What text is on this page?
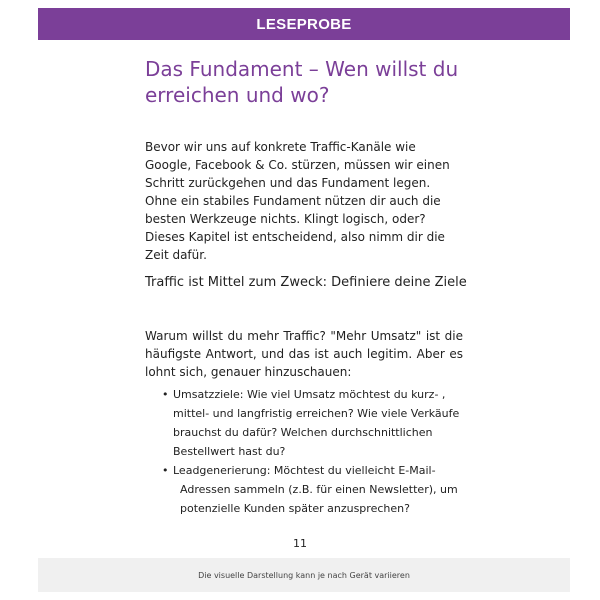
LESEPROBE
Das Fundament – Wen willst du erreichen und wo?

Bevor wir uns auf konkrete Traffic-Kanäle wie Google, Facebook & Co. stürzen, müssen wir einen Schritt zurückgehen und das Fundament legen. Ohne ein stabiles Fundament nützen dir auch die besten Werkzeuge nichts. Klingt logisch, oder? Dieses Kapitel ist entscheidend, also nimm dir die Zeit dafür.

Traffic ist Mittel zum Zweck: Definiere deine Ziele

Warum willst du mehr Traffic? "Mehr Umsatz" ist die häufigste Antwort, und das ist auch legitim. Aber es lohnt sich, genauer hinzuschauen:

• Umsatzziele: Wie viel Umsatz möchtest du kurz- , mittel- und langfristig erreichen? Wie viele Verkäufe brauchst du dafür? Welchen durchschnittlichen Bestellwert hast du?
• Leadgenerierung: Möchtest du vielleicht E-Mail-Adressen sammeln (z.B. für einen Newsletter), um potenzielle Kunden später anzusprechen?
11
Die visuelle Darstellung kann je nach Gerät variieren
